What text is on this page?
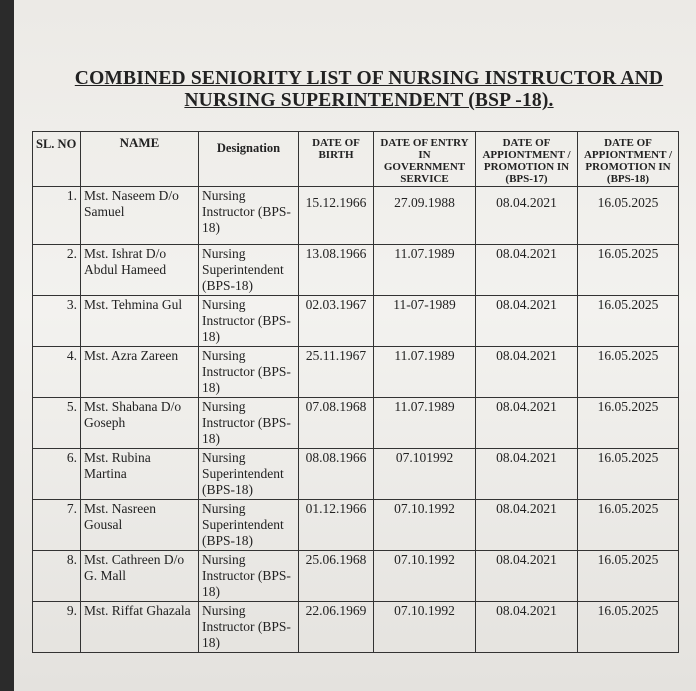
COMBINED SENIORITY LIST OF NURSING INSTRUCTOR AND
NURSING SUPERINTENDENT (BSP -18).
SL. NO	NAME	Designation	DATE OF BIRTH	DATE OF ENTRY IN GOVERNMENT SERVICE	DATE OF APPIONTMENT / PROMOTION IN (BPS-17)	DATE OF APPIONTMENT / PROMOTION IN (BPS-18)
1.	Mst. Naseem D/o Samuel	Nursing Instructor (BPS-18)	15.12.1966	27.09.1988	08.04.2021	16.05.2025
2.	Mst. Ishrat D/o Abdul Hameed	Nursing Superintendent (BPS-18)	13.08.1966	11.07.1989	08.04.2021	16.05.2025
3.	Mst. Tehmina Gul	Nursing Instructor (BPS-18)	02.03.1967	11-07-1989	08.04.2021	16.05.2025
4.	Mst. Azra Zareen	Nursing Instructor (BPS-18)	25.11.1967	11.07.1989	08.04.2021	16.05.2025
5.	Mst. Shabana D/o Goseph	Nursing Instructor (BPS-18)	07.08.1968	11.07.1989	08.04.2021	16.05.2025
6.	Mst. Rubina Martina	Nursing Superintendent (BPS-18)	08.08.1966	07.101992	08.04.2021	16.05.2025
7.	Mst. Nasreen Gousal	Nursing Superintendent (BPS-18)	01.12.1966	07.10.1992	08.04.2021	16.05.2025
8.	Mst. Cathreen D/o G. Mall	Nursing Instructor (BPS-18)	25.06.1968	07.10.1992	08.04.2021	16.05.2025
9.	Mst. Riffat Ghazala	Nursing Instructor (BPS-18)	22.06.1969	07.10.1992	08.04.2021	16.05.2025
